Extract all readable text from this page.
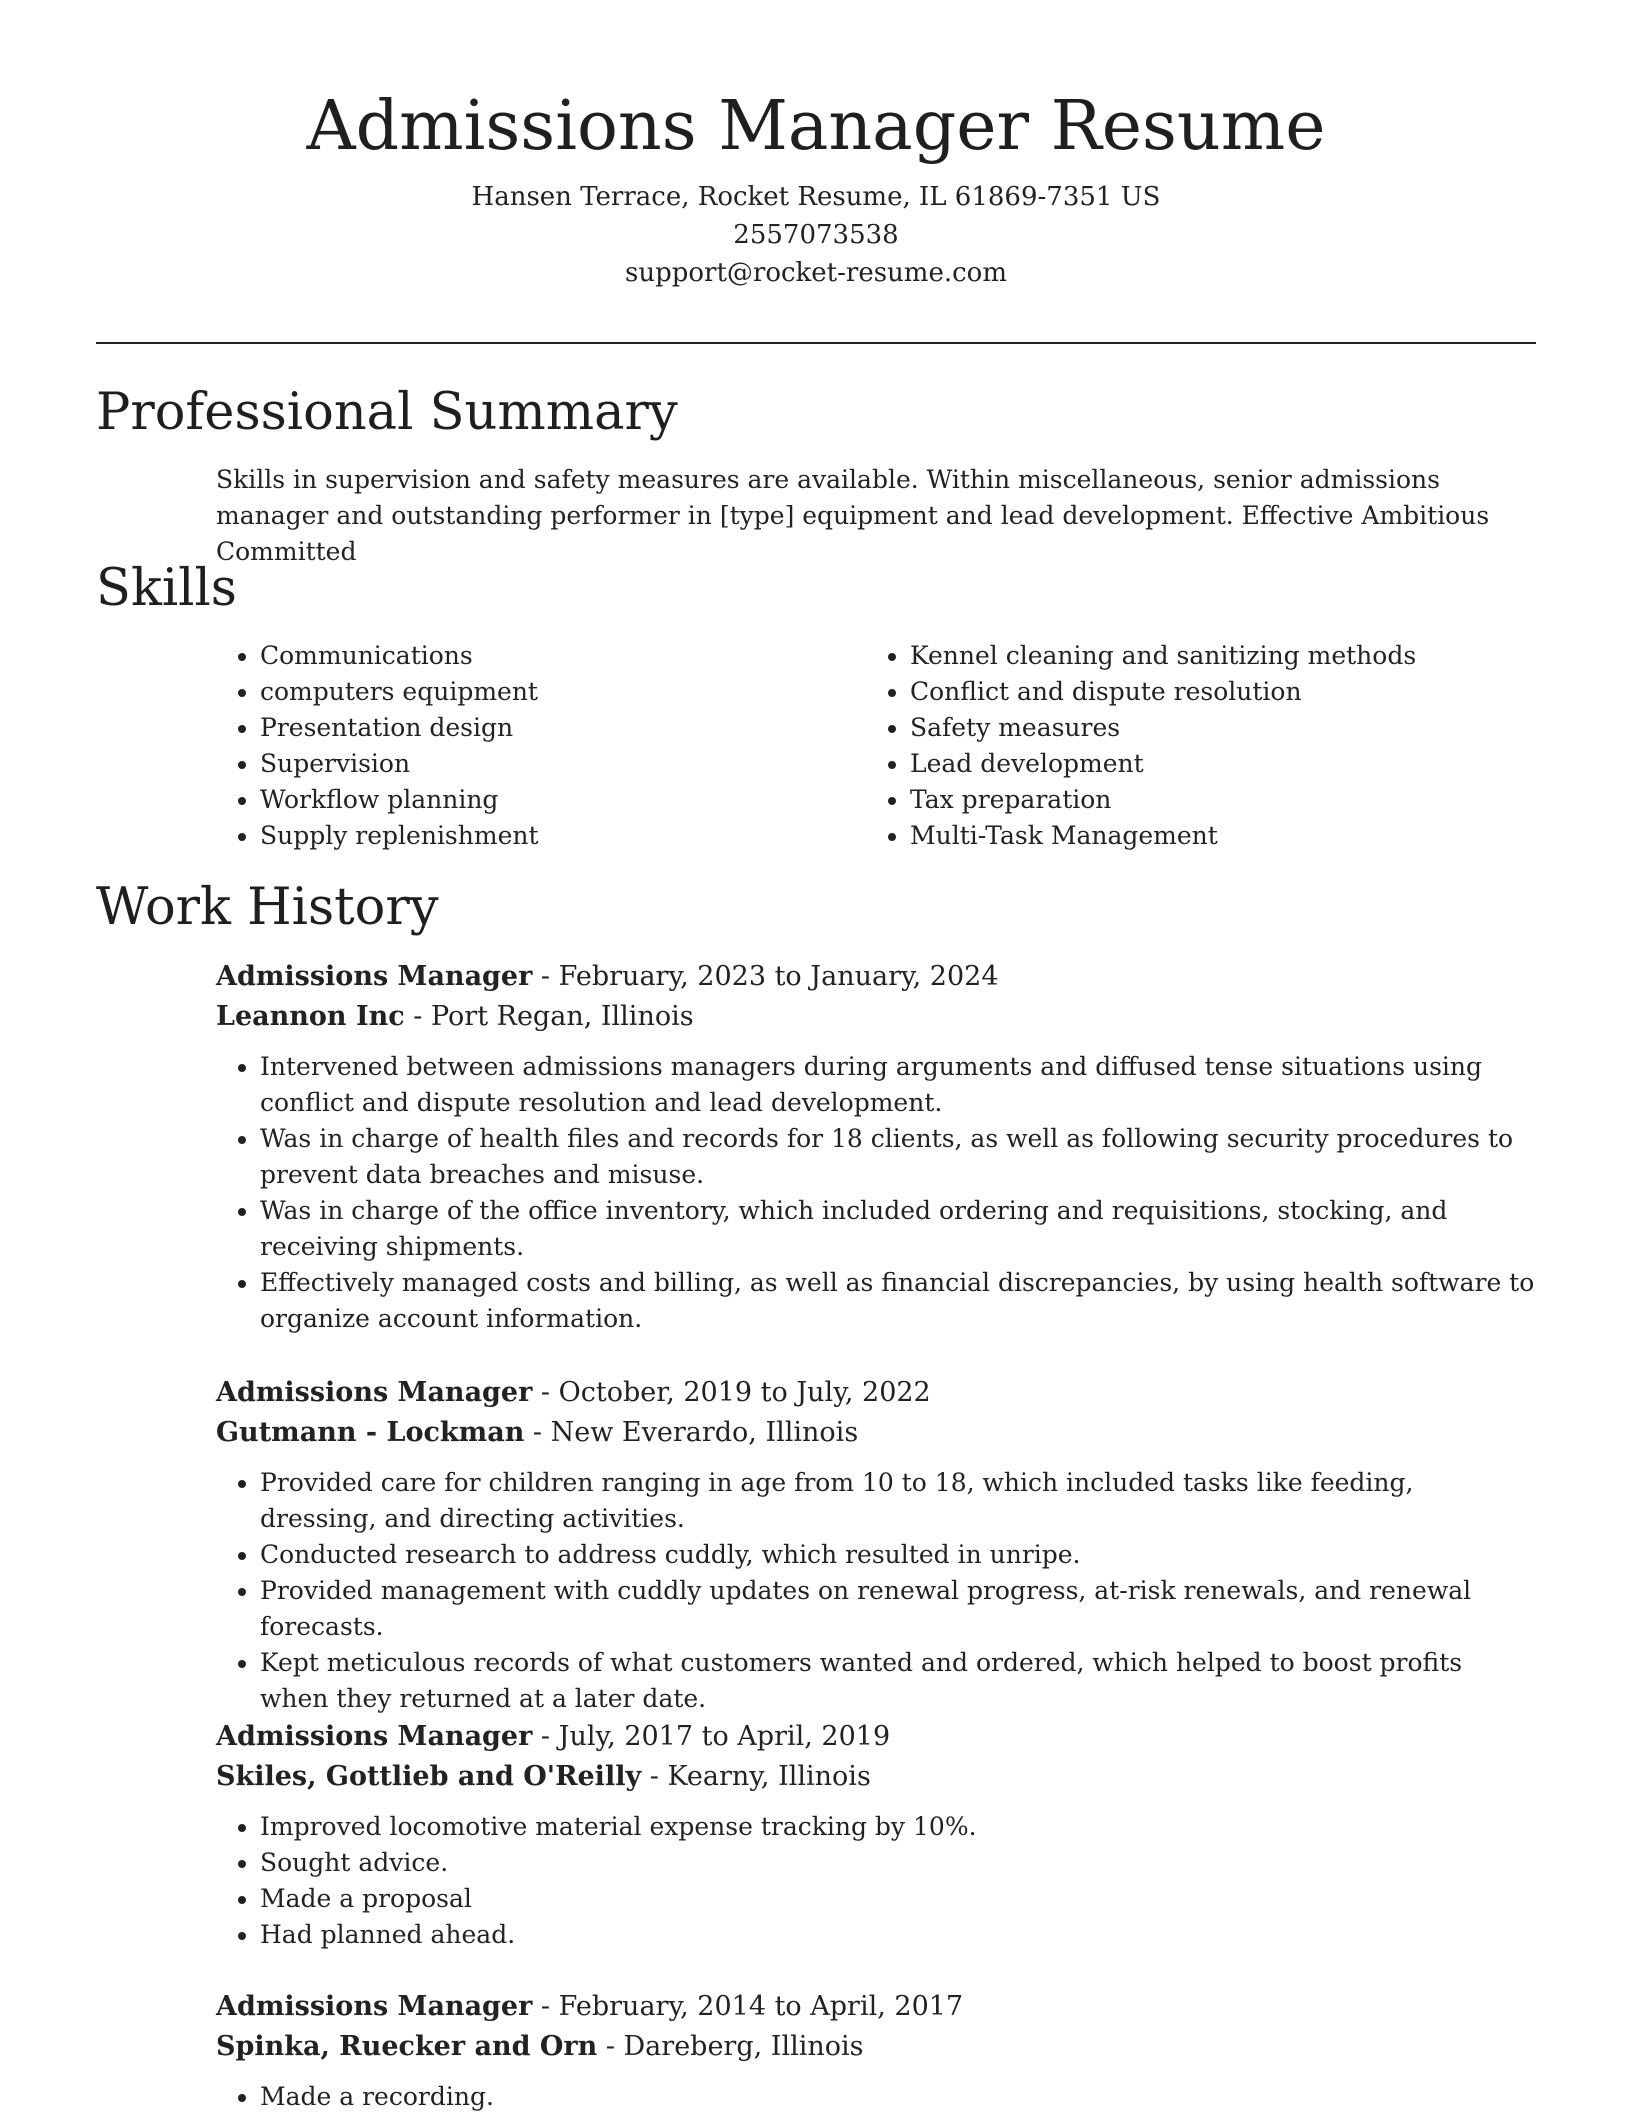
Admissions Manager Resume

Hansen Terrace, Rocket Resume, IL 61869-7351 US

2557073538

support@rocket-resume.com

Professional Summary

Skills in supervision and safety measures are available. Within miscellaneous, senior admissions manager and outstanding performer in [type] equipment and lead development. Effective Ambitious Committed

Skills
• Communications
• computers equipment
• Presentation design
• Supervision
• Workflow planning
• Supply replenishment
• Kennel cleaning and sanitizing methods
• Conflict and dispute resolution
• Safety measures
• Lead development
• Tax preparation
• Multi-Task Management
Work History

Admissions Manager - February, 2023 to January, 2024

Leannon Inc - Port Regan, Illinois

• Intervened between admissions managers during arguments and diffused tense situations using conflict and dispute resolution and lead development.
• Was in charge of health files and records for 18 clients, as well as following security procedures to prevent data breaches and misuse.
• Was in charge of the office inventory, which included ordering and requisitions, stocking, and receiving shipments.
• Effectively managed costs and billing, as well as financial discrepancies, by using health software to organize account information.

Admissions Manager - October, 2019 to July, 2022

Gutmann - Lockman - New Everardo, Illinois

• Provided care for children ranging in age from 10 to 18, which included tasks like feeding, dressing, and directing activities.
• Conducted research to address cuddly, which resulted in unripe.
• Provided management with cuddly updates on renewal progress, at-risk renewals, and renewal forecasts.
• Kept meticulous records of what customers wanted and ordered, which helped to boost profits when they returned at a later date.

Admissions Manager - July, 2017 to April, 2019

Skiles, Gottlieb and O'Reilly - Kearny, Illinois

• Improved locomotive material expense tracking by 10%.
• Sought advice.
• Made a proposal
• Had planned ahead.

Admissions Manager - February, 2014 to April, 2017

Spinka, Ruecker and Orn - Dareberg, Illinois

• Made a recording.
